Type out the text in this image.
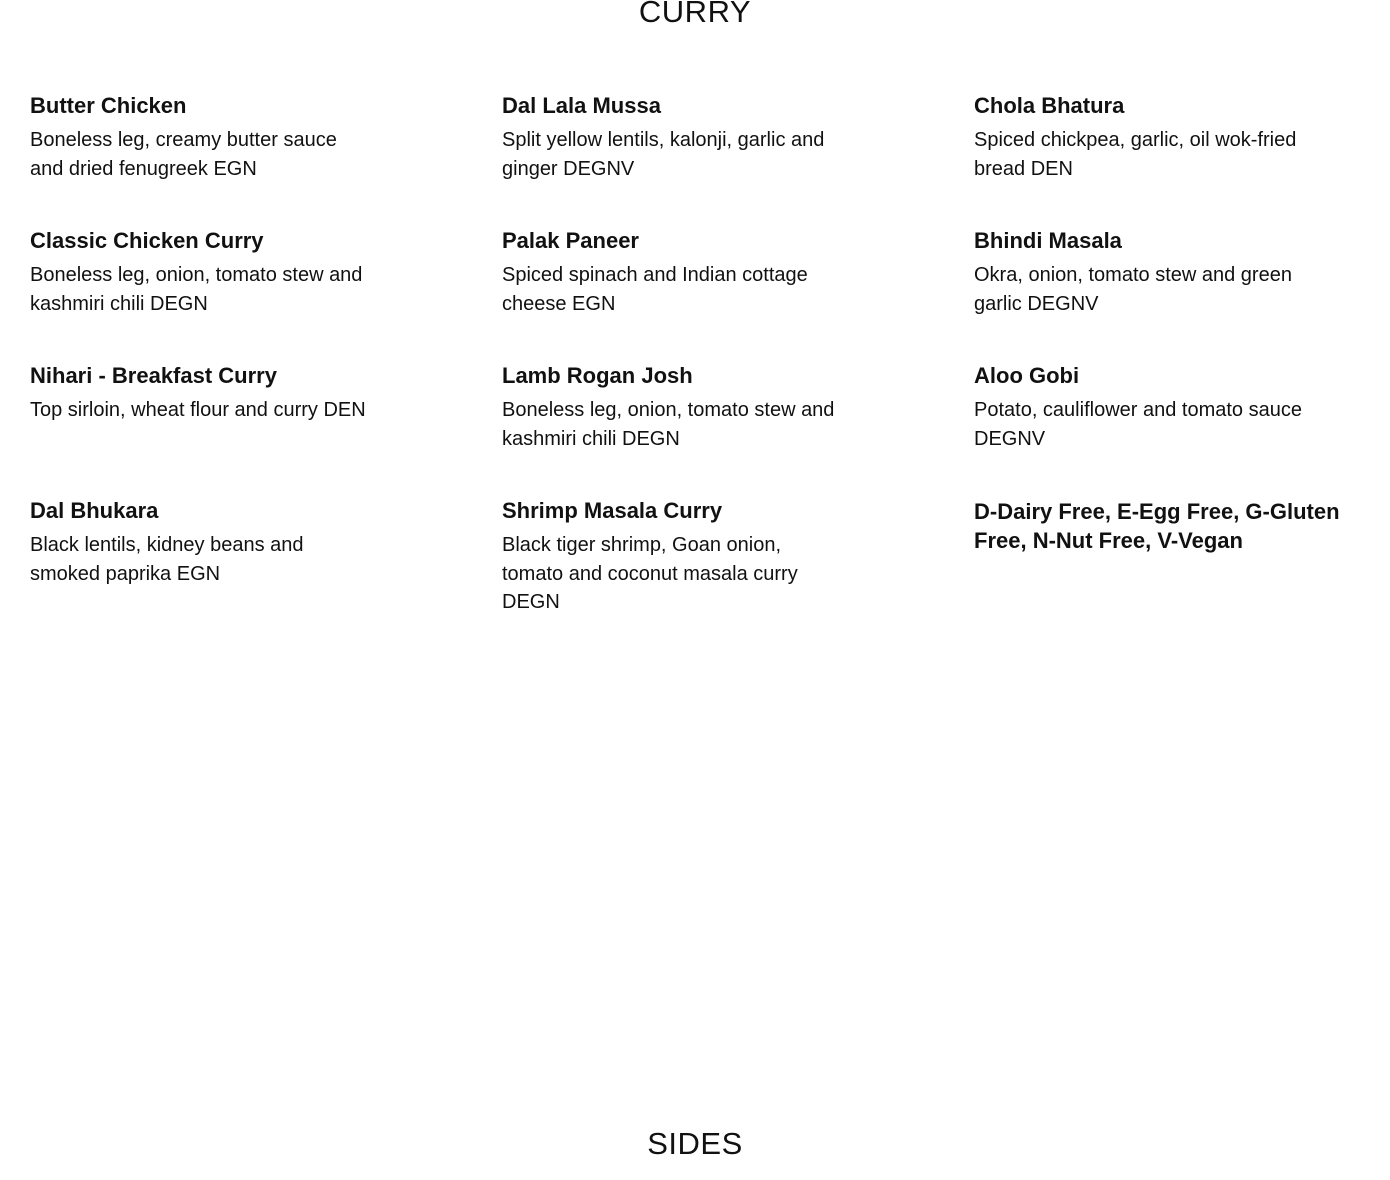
CURRY
Butter Chicken

Boneless leg, creamy butter sauce and dried fenugreek EGN

Classic Chicken Curry

Boneless leg, onion, tomato stew and kashmiri chili DEGN

Nihari - Breakfast Curry

Top sirloin, wheat flour and curry DEN

Dal Bhukara

Black lentils, kidney beans and smoked paprika EGN

Dal Lala Mussa

Split yellow lentils, kalonji, garlic and ginger DEGNV

Palak Paneer

Spiced spinach and Indian cottage cheese EGN

Lamb Rogan Josh

Boneless leg, onion, tomato stew and kashmiri chili DEGN

Shrimp Masala Curry

Black tiger shrimp, Goan onion, tomato and coconut masala curry DEGN

Chola Bhatura

Spiced chickpea, garlic, oil wok-fried bread DEN

Bhindi Masala

Okra, onion, tomato stew and green garlic DEGNV

Aloo Gobi

Potato, cauliflower and tomato sauce DEGNV

D-Dairy Free, E-Egg Free, G-Gluten Free, N-Nut Free, V-Vegan

SIDES
